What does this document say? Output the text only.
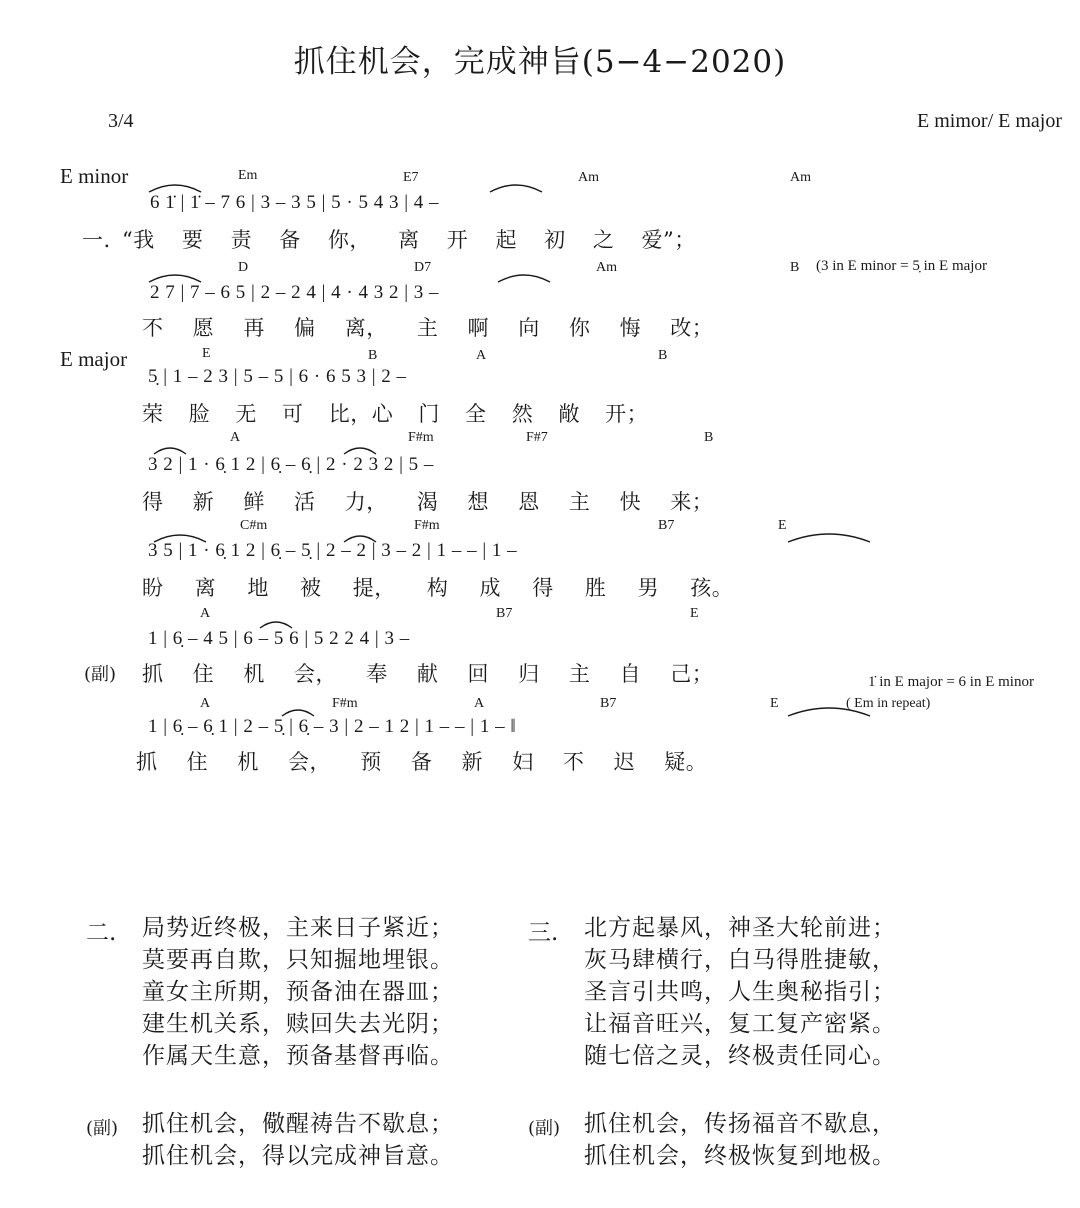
抓住机会，完成神旨(5−4−2020)
3/4	E mimor/ E major
E minor
E major
Em	E7	Am	Am
6 1̇ | 1̇ – 7 6 | 3 – 3 5 | 5 · 5 4 3 | 4 –
一. “我 要 责 备 你， 离 开 起 初 之 爱”；
D	D7	Am	B (3 in E minor = 5̣ in E major
2 7 | 7 – 6 5 | 2 – 2 4 | 4 · 4 3 2 | 3 –
不 愿 再 偏 离， 主 啊 向 你 悔 改；
E	B	A	B
5̣ | 1 – 2 3 | 5 – 5 | 6 · 6 5 3 | 2 –
荣 脸 无 可 比，心 门 全 然 敞 开；
A	F#m	F#7	B
3 2 | 1 · 6̣ 1 2 | 6̣ – 6̣ | 2 · 2 3 2 | 5 –
得 新 鲜 活 力， 渴 想 恩 主 快 来；
C#m	F#m	B7	E
3 5 | 1 · 6̣ 1 2 | 6̣ – 5̣ | 2 – 2 | 3 – 2 | 1 – – | 1 –
盼 离 地 被 提， 构 成 得 胜 男 孩。
A	B7	E
1 | 6̣ – 4 5 | 6 – 5 6 | 5 2 2 4 | 3 –
(副) 抓 住 机 会， 奉 献 回 归 主 自 己；	1̇ in E major = 6 in E minor
A	F#m	A	B7	E	( Em in repeat)
1 | 6̣ – 6̣ 1 | 2 – 5̣ | 6̣ – 3 | 2 – 1 2 | 1 – – | 1 – ‖
抓 住 机 会， 预 备 新 妇 不 迟 疑。
二. 局势近终极，主来日子紧近；
莫要再自欺，只知掘地埋银。
童女主所期，预备油在器皿；
建生机关系，赎回失去光阴；
作属天生意，预备基督再临。
(副) 抓住机会，儆醒祷告不歇息；
抓住机会，得以完成神旨意。
三. 北方起暴风，神圣大轮前进；
灰马肆横行，白马得胜捷敏，
圣言引共鸣，人生奥秘指引；
让福音旺兴，复工复产密紧。
随七倍之灵，终极责任同心。
(副) 抓住机会，传扬福音不歇息，
抓住机会，终极恢复到地极。
